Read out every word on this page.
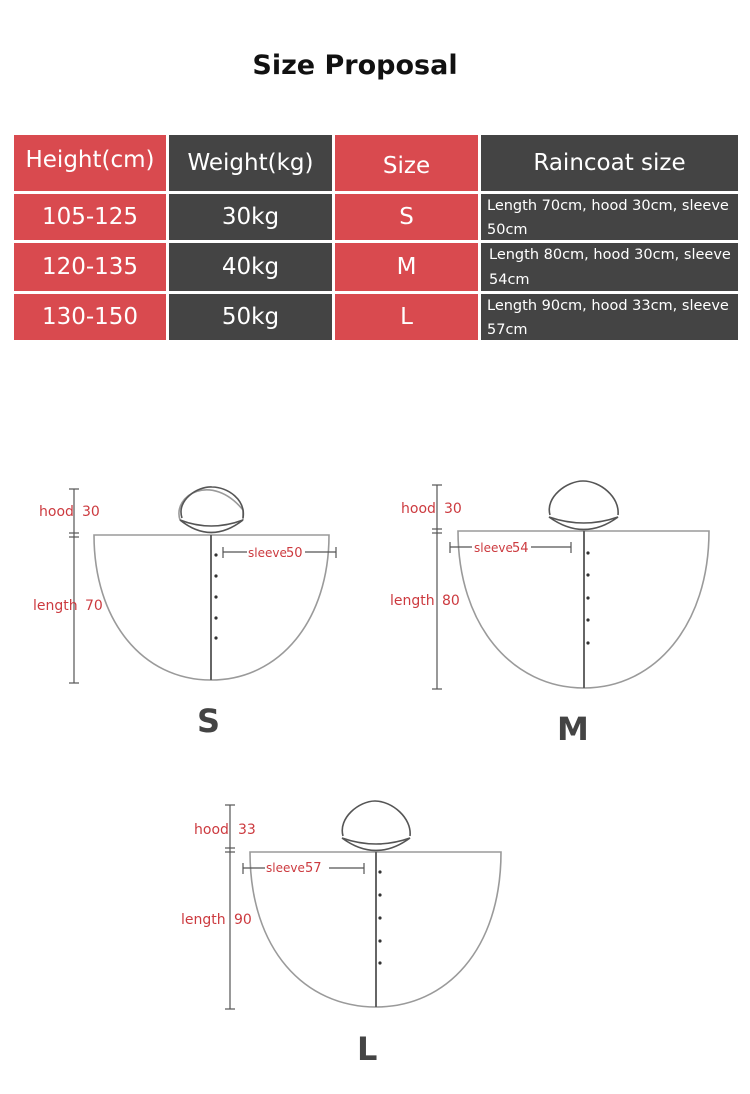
Size Proposal
Height(cm)	Weight(kg)	Size	Raincoat size
105-125	30kg	S	Length 70cm, hood 30cm, sleeve 50cm
120-135	40kg	M	Length 80cm, hood 30cm, sleeve 54cm
130-150	50kg	L	Length 90cm, hood 33cm, sleeve 57cm
hood 30
sleeve 50
length 70
S
hood 30
sleeve 54
length 80
M
hood 33
sleeve 57
length 90
L
